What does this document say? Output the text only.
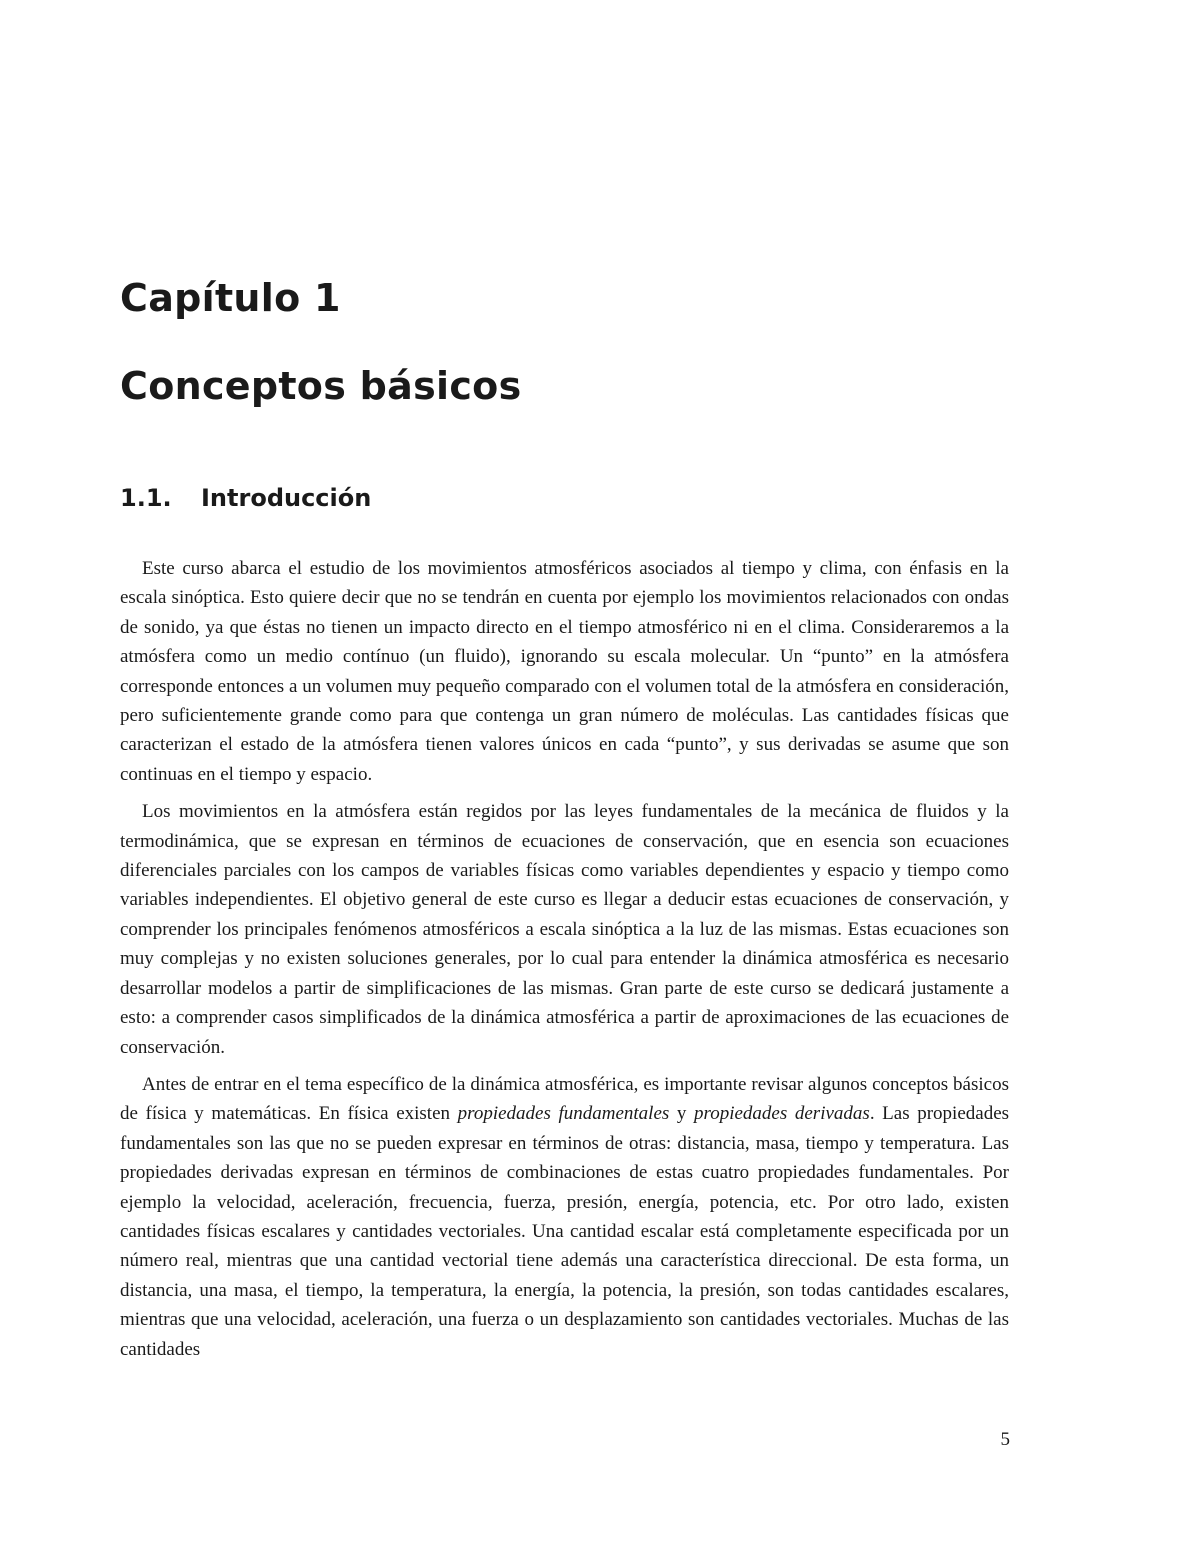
Capítulo 1
Conceptos básicos
1.1.	Introducción

Este curso abarca el estudio de los movimientos atmosféricos asociados al tiempo y clima, con énfasis en la escala sinóptica. Esto quiere decir que no se tendrán en cuenta por ejemplo los movimientos relacionados con ondas de sonido, ya que éstas no tienen un impacto directo en el tiempo atmosférico ni en el clima. Consideraremos a la atmósfera como un medio contínuo (un fluido), ignorando su escala molecular. Un “punto” en la atmósfera corresponde entonces a un volumen muy pequeño comparado con el volumen total de la atmósfera en consideración, pero suficientemente grande como para que contenga un gran número de moléculas. Las cantidades físicas que caracterizan el estado de la atmósfera tienen valores únicos en cada “punto”, y sus derivadas se asume que son continuas en el tiempo y espacio.

Los movimientos en la atmósfera están regidos por las leyes fundamentales de la mecánica de fluidos y la termodinámica, que se expresan en términos de ecuaciones de conservación, que en esencia son ecuaciones diferenciales parciales con los campos de variables físicas como variables dependientes y espacio y tiempo como variables independientes. El objetivo general de este curso es llegar a deducir estas ecuaciones de conservación, y comprender los principales fenómenos atmosféricos a escala sinóptica a la luz de las mismas. Estas ecuaciones son muy complejas y no existen soluciones generales, por lo cual para entender la dinámica atmosférica es necesario desarrollar modelos a partir de simplificaciones de las mismas. Gran parte de este curso se dedicará justamente a esto: a comprender casos simplificados de la dinámica atmosférica a partir de aproximaciones de las ecuaciones de conservación.

Antes de entrar en el tema específico de la dinámica atmosférica, es importante revisar algunos conceptos básicos de física y matemáticas. En física existen propiedades fundamentales y propiedades derivadas. Las propiedades fundamentales son las que no se pueden expresar en términos de otras: distancia, masa, tiempo y temperatura. Las propiedades derivadas expresan en términos de combinaciones de estas cuatro propiedades fundamentales. Por ejemplo la velocidad, aceleración, frecuencia, fuerza, presión, energía, potencia, etc. Por otro lado, existen cantidades físicas escalares y cantidades vectoriales. Una cantidad escalar está completamente especificada por un número real, mientras que una cantidad vectorial tiene además una característica direccional. De esta forma, un distancia, una masa, el tiempo, la temperatura, la energía, la potencia, la presión, son todas cantidades escalares, mientras que una velocidad, aceleración, una fuerza o un desplazamiento son cantidades vectoriales. Muchas de las cantidades

5
